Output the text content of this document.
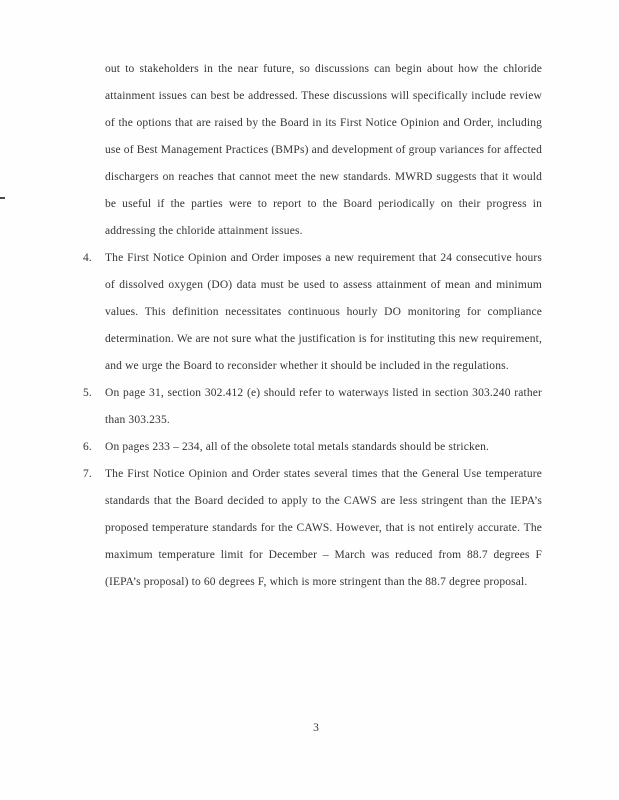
out to stakeholders in the near future, so discussions can begin about how the chloride attainment issues can best be addressed. These discussions will specifically include review of the options that are raised by the Board in its First Notice Opinion and Order, including use of Best Management Practices (BMPs) and development of group variances for affected dischargers on reaches that cannot meet the new standards. MWRD suggests that it would be useful if the parties were to report to the Board periodically on their progress in addressing the chloride attainment issues.

4.	The First Notice Opinion and Order imposes a new requirement that 24 consecutive hours of dissolved oxygen (DO) data must be used to assess attainment of mean and minimum values. This definition necessitates continuous hourly DO monitoring for compliance determination. We are not sure what the justification is for instituting this new requirement, and we urge the Board to reconsider whether it should be included in the regulations.

5.	On page 31, section 302.412 (e) should refer to waterways listed in section 303.240 rather than 303.235.

6.	On pages 233 – 234, all of the obsolete total metals standards should be stricken.

7.	The First Notice Opinion and Order states several times that the General Use temperature standards that the Board decided to apply to the CAWS are less stringent than the IEPA’s proposed temperature standards for the CAWS. However, that is not entirely accurate. The maximum temperature limit for December – March was reduced from 88.7 degrees F (IEPA’s proposal) to 60 degrees F, which is more stringent than the 88.7 degree proposal.

3
